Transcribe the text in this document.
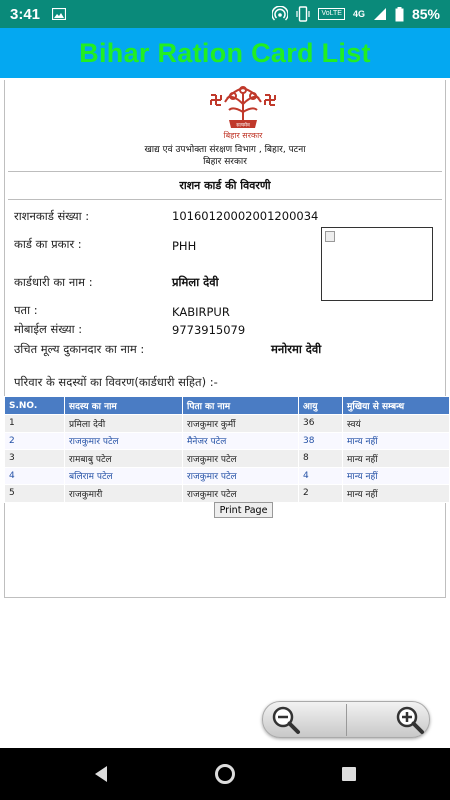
3:41	VoLTE	4G	85%
Bihar Ration Card List
सत्यमेव
बिहार सरकार
खाद्य एवं उपभोक्ता संरक्षण विभाग , बिहार, पटना
बिहार सरकार
राशन कार्ड की विवरणी
राशनकार्ड संख्या :	10160120002001200034
कार्ड का प्रकार :	PHH
कार्डधारी का नाम :	प्रमिला देवी
पता :	KABIRPUR
मोबाईल संख्या :	9773915079
उचित मूल्य दुकानदार का नाम :	मनोरमा देवी
परिवार के सदस्यों का विवरण(कार्डधारी सहित) :-
S.NO.	सदस्य का नाम	पिता का नाम	आयु	मुखिया से सम्बन्ध
1	प्रमिला देवी	राजकुमार कुर्मी	36	स्वयं
2	राजकुमार पटेल	मैनेजर पटेल	38	मान्य नहीं
3	रामबाबु पटेल	राजकुमार पटेल	8	मान्य नहीं
4	बलिराम पटेल	राजकुमार पटेल	4	मान्य नहीं
5	राजकुमारी	राजकुमार पटेल	2	मान्य नहीं
Print Page
